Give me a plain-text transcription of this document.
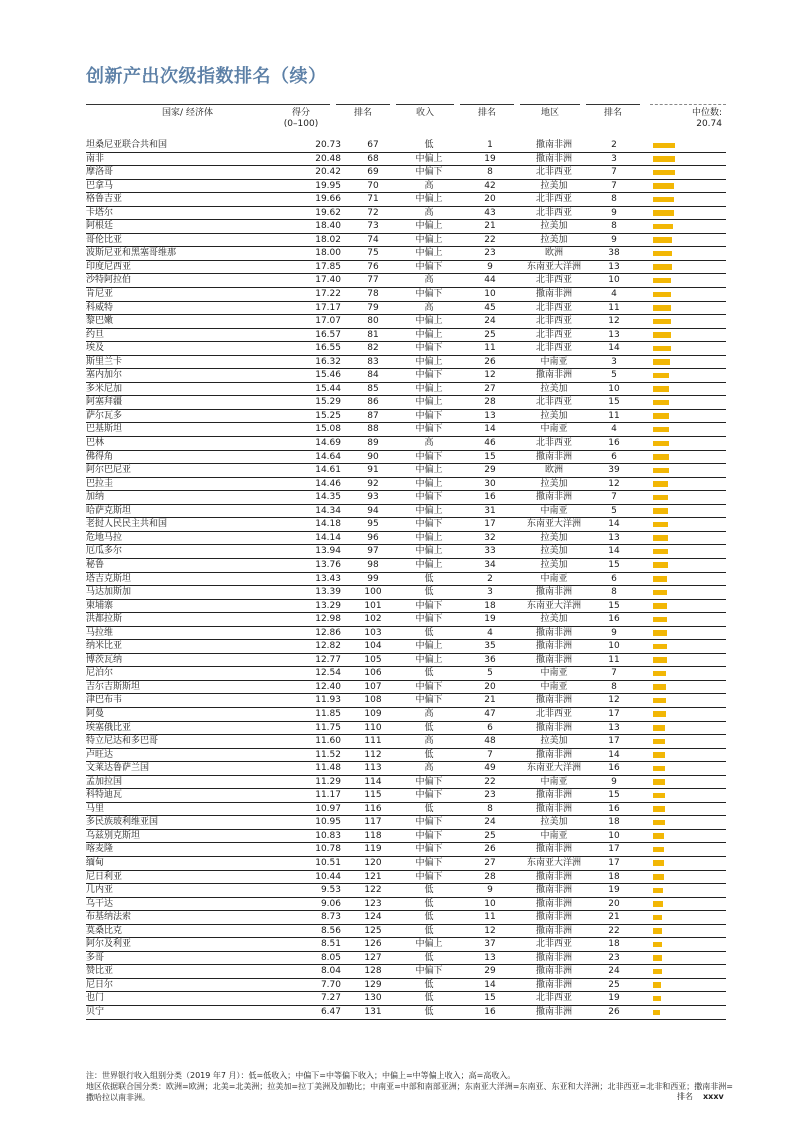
创新产出次级指数排名（续）
国家/ 经济体	得分
(0–100)
排名	收入	排名	地区	排名	中位数:
20.74
坦桑尼亚联合共和国	20.73	67	低	1	撒南非洲	2
南非	20.48	68	中偏上	19	撒南非洲	3
摩洛哥	20.42	69	中偏下	8	北非西亚	7
巴拿马	19.95	70	高	42	拉美加	7
格鲁吉亚	19.66	71	中偏上	20	北非西亚	8
卡塔尔	19.62	72	高	43	北非西亚	9
阿根廷	18.40	73	中偏上	21	拉美加	8
哥伦比亚	18.02	74	中偏上	22	拉美加	9
波斯尼亚和黑塞哥维那	18.00	75	中偏上	23	欧洲	38
印度尼西亚	17.85	76	中偏下	9	东南亚大洋洲	13
沙特阿拉伯	17.40	77	高	44	北非西亚	10
肯尼亚	17.22	78	中偏下	10	撒南非洲	4
科威特	17.17	79	高	45	北非西亚	11
黎巴嫩	17.07	80	中偏上	24	北非西亚	12
约旦	16.57	81	中偏上	25	北非西亚	13
埃及	16.55	82	中偏下	11	北非西亚	14
斯里兰卡	16.32	83	中偏上	26	中南亚	3
塞内加尔	15.46	84	中偏下	12	撒南非洲	5
多米尼加	15.44	85	中偏上	27	拉美加	10
阿塞拜疆	15.29	86	中偏上	28	北非西亚	15
萨尔瓦多	15.25	87	中偏下	13	拉美加	11
巴基斯坦	15.08	88	中偏下	14	中南亚	4
巴林	14.69	89	高	46	北非西亚	16
佛得角	14.64	90	中偏下	15	撒南非洲	6
阿尔巴尼亚	14.61	91	中偏上	29	欧洲	39
巴拉圭	14.46	92	中偏上	30	拉美加	12
加纳	14.35	93	中偏下	16	撒南非洲	7
哈萨克斯坦	14.34	94	中偏上	31	中南亚	5
老挝人民民主共和国	14.18	95	中偏下	17	东南亚大洋洲	14
危地马拉	14.14	96	中偏上	32	拉美加	13
厄瓜多尔	13.94	97	中偏上	33	拉美加	14
秘鲁	13.76	98	中偏上	34	拉美加	15
塔吉克斯坦	13.43	99	低	2	中南亚	6
马达加斯加	13.39	100	低	3	撒南非洲	8
柬埔寨	13.29	101	中偏下	18	东南亚大洋洲	15
洪都拉斯	12.98	102	中偏下	19	拉美加	16
马拉维	12.86	103	低	4	撒南非洲	9
纳米比亚	12.82	104	中偏上	35	撒南非洲	10
博茨瓦纳	12.77	105	中偏上	36	撒南非洲	11
尼泊尔	12.54	106	低	5	中南亚	7
吉尔吉斯斯坦	12.40	107	中偏下	20	中南亚	8
津巴布韦	11.93	108	中偏下	21	撒南非洲	12
阿曼	11.85	109	高	47	北非西亚	17
埃塞俄比亚	11.75	110	低	6	撒南非洲	13
特立尼达和多巴哥	11.60	111	高	48	拉美加	17
卢旺达	11.52	112	低	7	撒南非洲	14
文莱达鲁萨兰国	11.48	113	高	49	东南亚大洋洲	16
孟加拉国	11.29	114	中偏下	22	中南亚	9
科特迪瓦	11.17	115	中偏下	23	撒南非洲	15
马里	10.97	116	低	8	撒南非洲	16
多民族玻利维亚国	10.95	117	中偏下	24	拉美加	18
乌兹别克斯坦	10.83	118	中偏下	25	中南亚	10
喀麦隆	10.78	119	中偏下	26	撒南非洲	17
缅甸	10.51	120	中偏下	27	东南亚大洋洲	17
尼日利亚	10.44	121	中偏下	28	撒南非洲	18
几内亚	9.53	122	低	9	撒南非洲	19
乌干达	9.06	123	低	10	撒南非洲	20
布基纳法索	8.73	124	低	11	撒南非洲	21
莫桑比克	8.56	125	低	12	撒南非洲	22
阿尔及利亚	8.51	126	中偏上	37	北非西亚	18
多哥	8.05	127	低	13	撒南非洲	23
赞比亚	8.04	128	中偏下	29	撒南非洲	24
尼日尔	7.70	129	低	14	撒南非洲	25
也门	7.27	130	低	15	北非西亚	19
贝宁	6.47	131	低	16	撒南非洲	26
注：世界银行收入组别分类（2019 年7 月）：低=低收入；中偏下=中等偏下收入；中偏上=中等偏上收入；高=高收入。
地区依据联合国分类：欧洲=欧洲；北美=北美洲；拉美加=拉丁美洲及加勒比；中南亚=中部和南部亚洲；东南亚大洋洲=东南亚、东亚和大洋洲；北非西亚=北非和西亚；撒南非洲=撒哈拉以南非洲。	排名 xxxv
